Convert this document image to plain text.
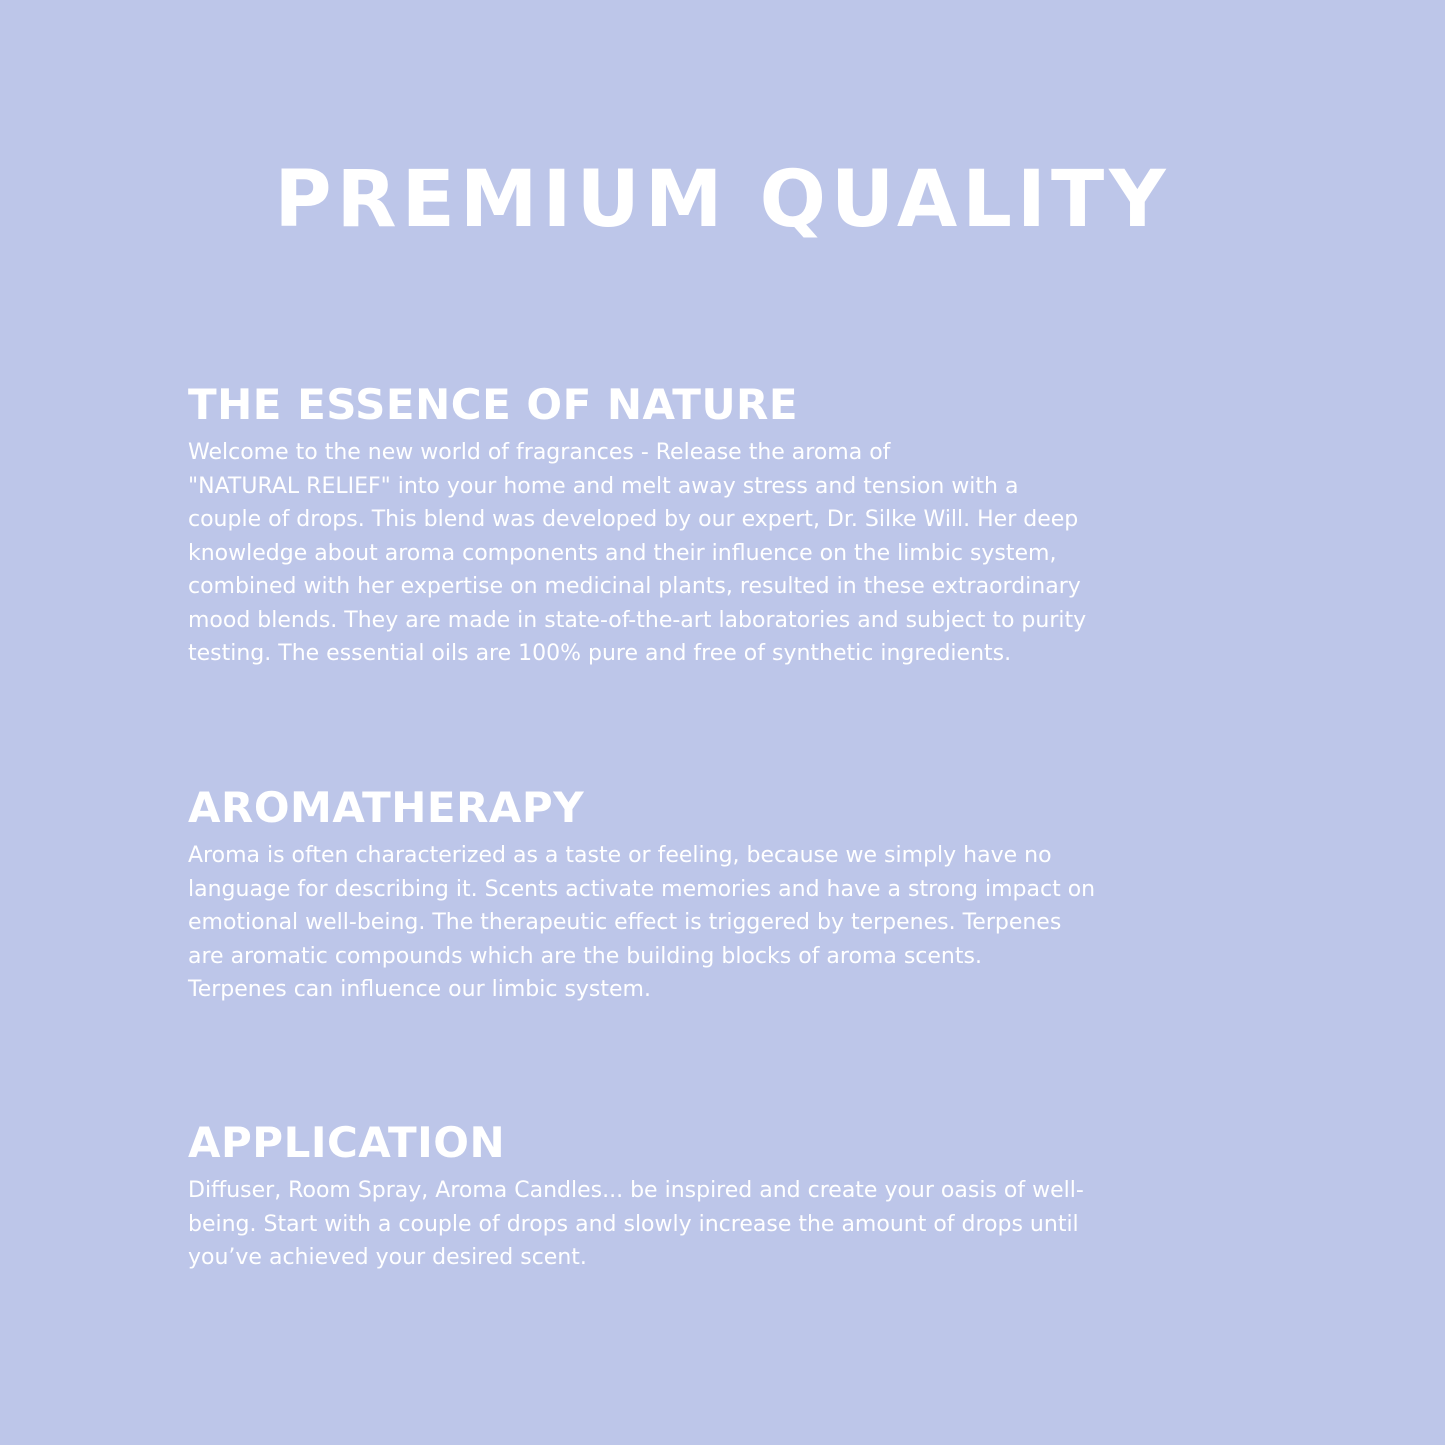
PREMIUM QUALITY
THE ESSENCE OF NATURE

Welcome to the new world of fragrances - Release the aroma of
"NATURAL RELIEF" into your home and melt away stress and tension with a
couple of drops. This blend was developed by our expert, Dr. Silke Will. Her deep
knowledge about aroma components and their influence on the limbic system,
combined with her expertise on medicinal plants, resulted in these extraordinary
mood blends. They are made in state-of-the-art laboratories and subject to purity
testing. The essential oils are 100% pure and free of synthetic ingredients.

AROMATHERAPY

Aroma is often characterized as a taste or feeling, because we simply have no
language for describing it. Scents activate memories and have a strong impact on
emotional well-being. The therapeutic effect is triggered by terpenes. Terpenes
are aromatic compounds which are the building blocks of aroma scents.
Terpenes can influence our limbic system.

APPLICATION

Diffuser, Room Spray, Aroma Candles... be inspired and create your oasis of well-
being. Start with a couple of drops and slowly increase the amount of drops until
you’ve achieved your desired scent.
